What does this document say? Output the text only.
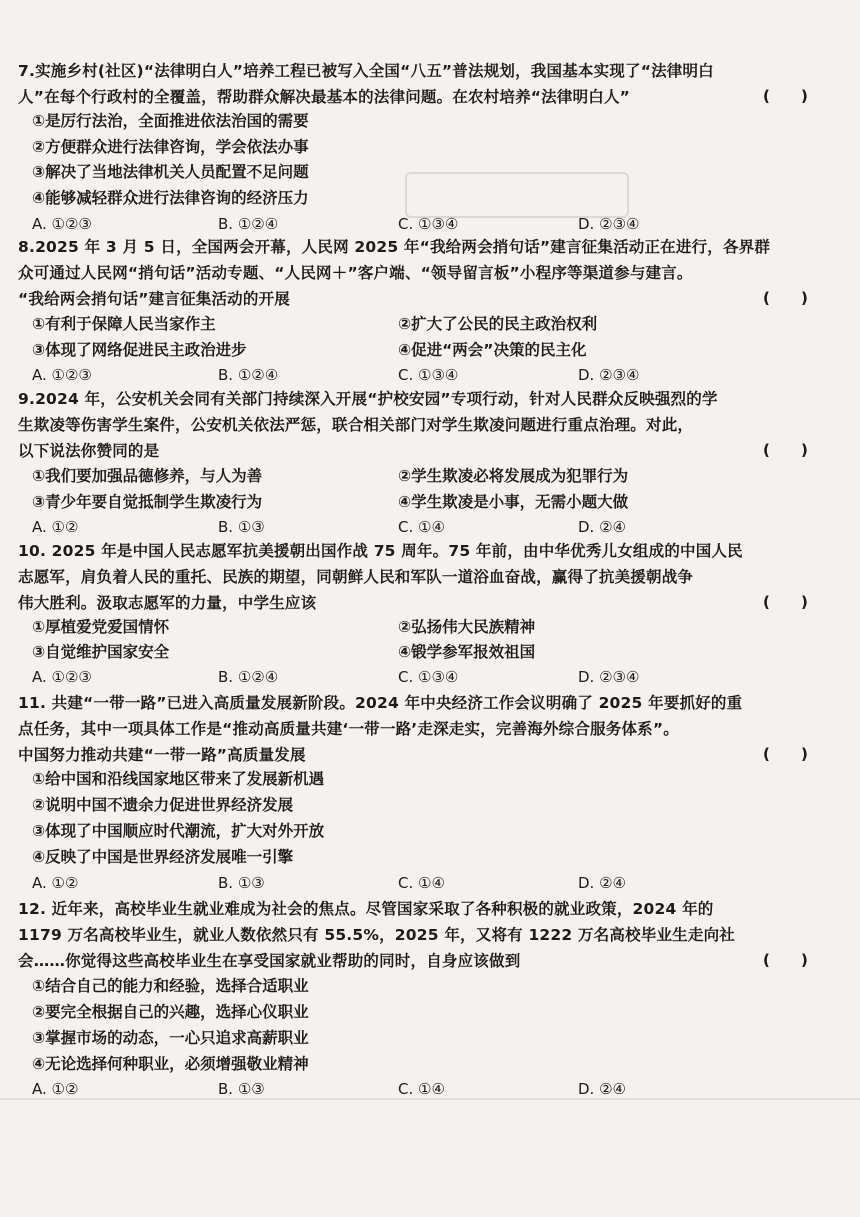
7.实施乡村(社区)“法律明白人”培养工程已被写入全国“八五”普法规划，我国基本实现了“法律明白
人”在每个行政村的全覆盖，帮助群众解决最基本的法律问题。在农村培养“法律明白人”	(　　)
①是厉行法治，全面推进依法治国的需要
②方便群众进行法律咨询，学会依法办事
③解决了当地法律机关人员配置不足问题
④能够减轻群众进行法律咨询的经济压力
A. ①②③	B. ①②④	C. ①③④	D. ②③④
8.2025 年 3 月 5 日，全国两会开幕，人民网 2025 年“我给两会捎句话”建言征集活动正在进行，各界群
众可通过人民网“捎句话”活动专题、“人民网＋”客户端、“领导留言板”小程序等渠道参与建言。
“我给两会捎句话”建言征集活动的开展	(　　)
①有利于保障人民当家作主	②扩大了公民的民主政治权利
③体现了网络促进民主政治进步	④促进“两会”决策的民主化
A. ①②③	B. ①②④	C. ①③④	D. ②③④
9.2024 年，公安机关会同有关部门持续深入开展“护校安园”专项行动，针对人民群众反映强烈的学
生欺凌等伤害学生案件，公安机关依法严惩，联合相关部门对学生欺凌问题进行重点治理。对此，
以下说法你赞同的是	(　　)
①我们要加强品德修养，与人为善	②学生欺凌必将发展成为犯罪行为
③青少年要自觉抵制学生欺凌行为	④学生欺凌是小事，无需小题大做
A. ①②	B. ①③	C. ①④	D. ②④
10. 2025 年是中国人民志愿军抗美援朝出国作战 75 周年。75 年前，由中华优秀儿女组成的中国人民
志愿军，肩负着人民的重托、民族的期望，同朝鲜人民和军队一道浴血奋战，赢得了抗美援朝战争
伟大胜利。汲取志愿军的力量，中学生应该	(　　)
①厚植爱党爱国情怀	②弘扬伟大民族精神
③自觉维护国家安全	④锻学参军报效祖国
A. ①②③	B. ①②④	C. ①③④	D. ②③④
11. 共建“一带一路”已进入高质量发展新阶段。2024 年中央经济工作会议明确了 2025 年要抓好的重
点任务，其中一项具体工作是“推动高质量共建‘一带一路’走深走实，完善海外综合服务体系”。
中国努力推动共建“一带一路”高质量发展	(　　)
①给中国和沿线国家地区带来了发展新机遇
②说明中国不遗余力促进世界经济发展
③体现了中国顺应时代潮流，扩大对外开放
④反映了中国是世界经济发展唯一引擎
A. ①②	B. ①③	C. ①④	D. ②④
12. 近年来，高校毕业生就业难成为社会的焦点。尽管国家采取了各种积极的就业政策，2024 年的
1179 万名高校毕业生，就业人数依然只有 55.5%，2025 年，又将有 1222 万名高校毕业生走向社
会……你觉得这些高校毕业生在享受国家就业帮助的同时，自身应该做到	(　　)
①结合自己的能力和经验，选择合适职业
②要完全根据自己的兴趣，选择心仪职业
③掌握市场的动态，一心只追求高薪职业
④无论选择何种职业，必须增强敬业精神
A. ①②	B. ①③	C. ①④	D. ②④
